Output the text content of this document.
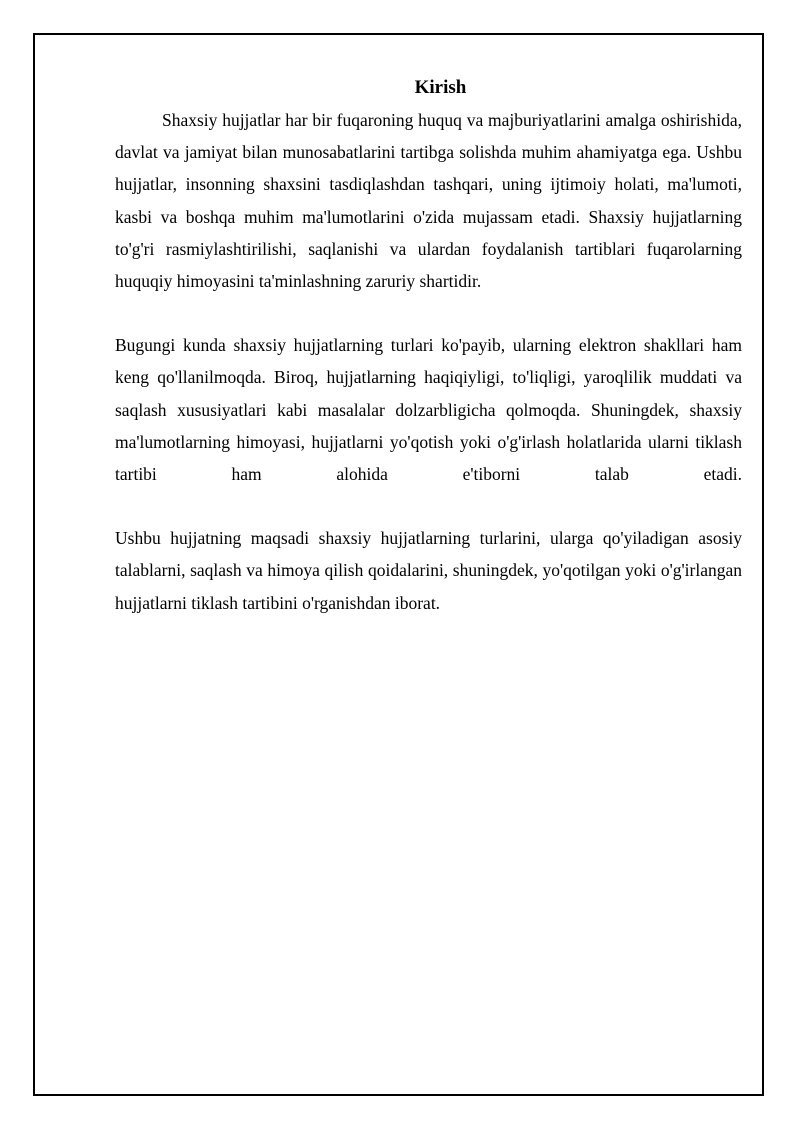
Kirish

Shaxsiy hujjatlar har bir fuqaroning huquq va majburiyatlarini amalga oshirishida, davlat va jamiyat bilan munosabatlarini tartibga solishda muhim ahamiyatga ega. Ushbu hujjatlar, insonning shaxsini tasdiqlashdan tashqari, uning ijtimoiy holati, ma'lumoti, kasbi va boshqa muhim ma'lumotlarini o'zida mujassam etadi. Shaxsiy hujjatlarning to'g'ri rasmiylashtirilishi, saqlanishi va ulardan foydalanish tartiblari fuqarolarning huquqiy himoyasini ta'minlashning zaruriy shartidir.

Bugungi kunda shaxsiy hujjatlarning turlari ko'payib, ularning elektron shakllari ham keng qo'llanilmoqda. Biroq, hujjatlarning haqiqiyligi, to'liqligi, yaroqlilik muddati va saqlash xususiyatlari kabi masalalar dolzarbligicha qolmoqda. Shuningdek, shaxsiy ma'lumotlarning himoyasi, hujjatlarni yo'qotish yoki o'g'irlash holatlarida ularni tiklash tartibi ham alohida e'tiborni talab etadi.

Ushbu hujjatning maqsadi shaxsiy hujjatlarning turlarini, ularga qo'yiladigan asosiy talablarni, saqlash va himoya qilish qoidalarini, shuningdek, yo'qotilgan yoki o'g'irlangan hujjatlarni tiklash tartibini o'rganishdan iborat.
